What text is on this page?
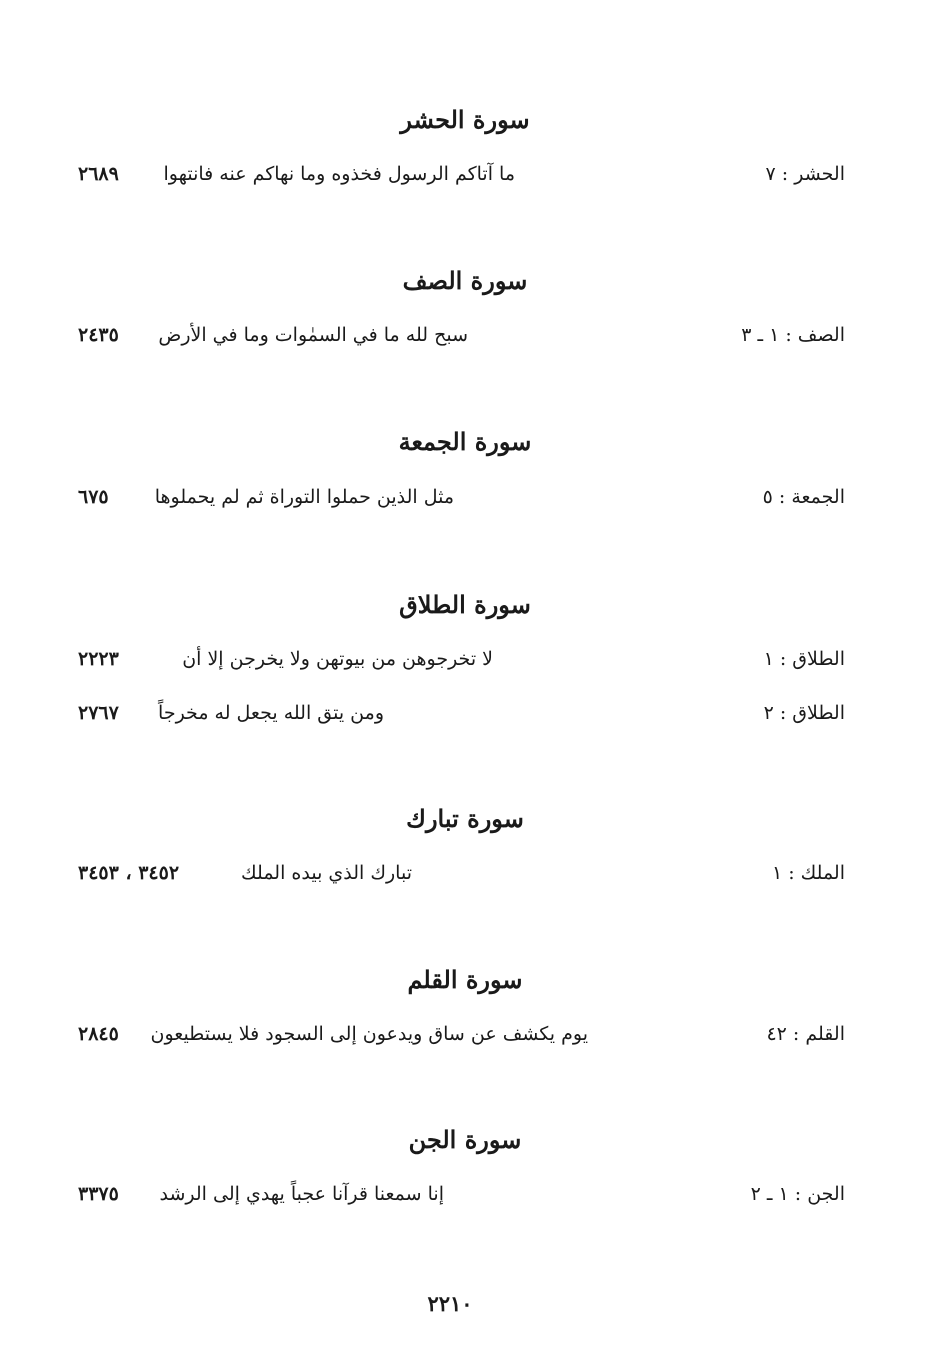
سورة الحشر
الحشر : ٧
ما آتاكم الرسول فخذوه وما نهاكم عنه فانتهوا
٢٦٨٩
سورة الصف
الصف : ١ ـ ٣
سبح لله ما في السمٰوات وما في الأرض
٢٤٣٥
سورة الجمعة
الجمعة : ٥
مثل الذين حملوا التوراة ثم لم يحملوها
٦٧٥
سورة الطلاق
الطلاق : ١
لا تخرجوهن من بيوتهن ولا يخرجن إلا أن
٢٢٢٣
الطلاق : ٢
ومن يتق الله يجعل له مخرجاً
٢٧٦٧
سورة تبارك
الملك : ١
تبارك الذي بيده الملك
٣٤٥٢ ، ٣٤٥٣
سورة القلم
القلم : ٤٢
يوم يكشف عن ساق ويدعون إلى السجود فلا يستطيعون
٢٨٤٥
سورة الجن
الجن : ١ ـ ٢
إنا سمعنا قرآنا عجباً يهدي إلى الرشد
٣٣٧٥
٢٢١٠
